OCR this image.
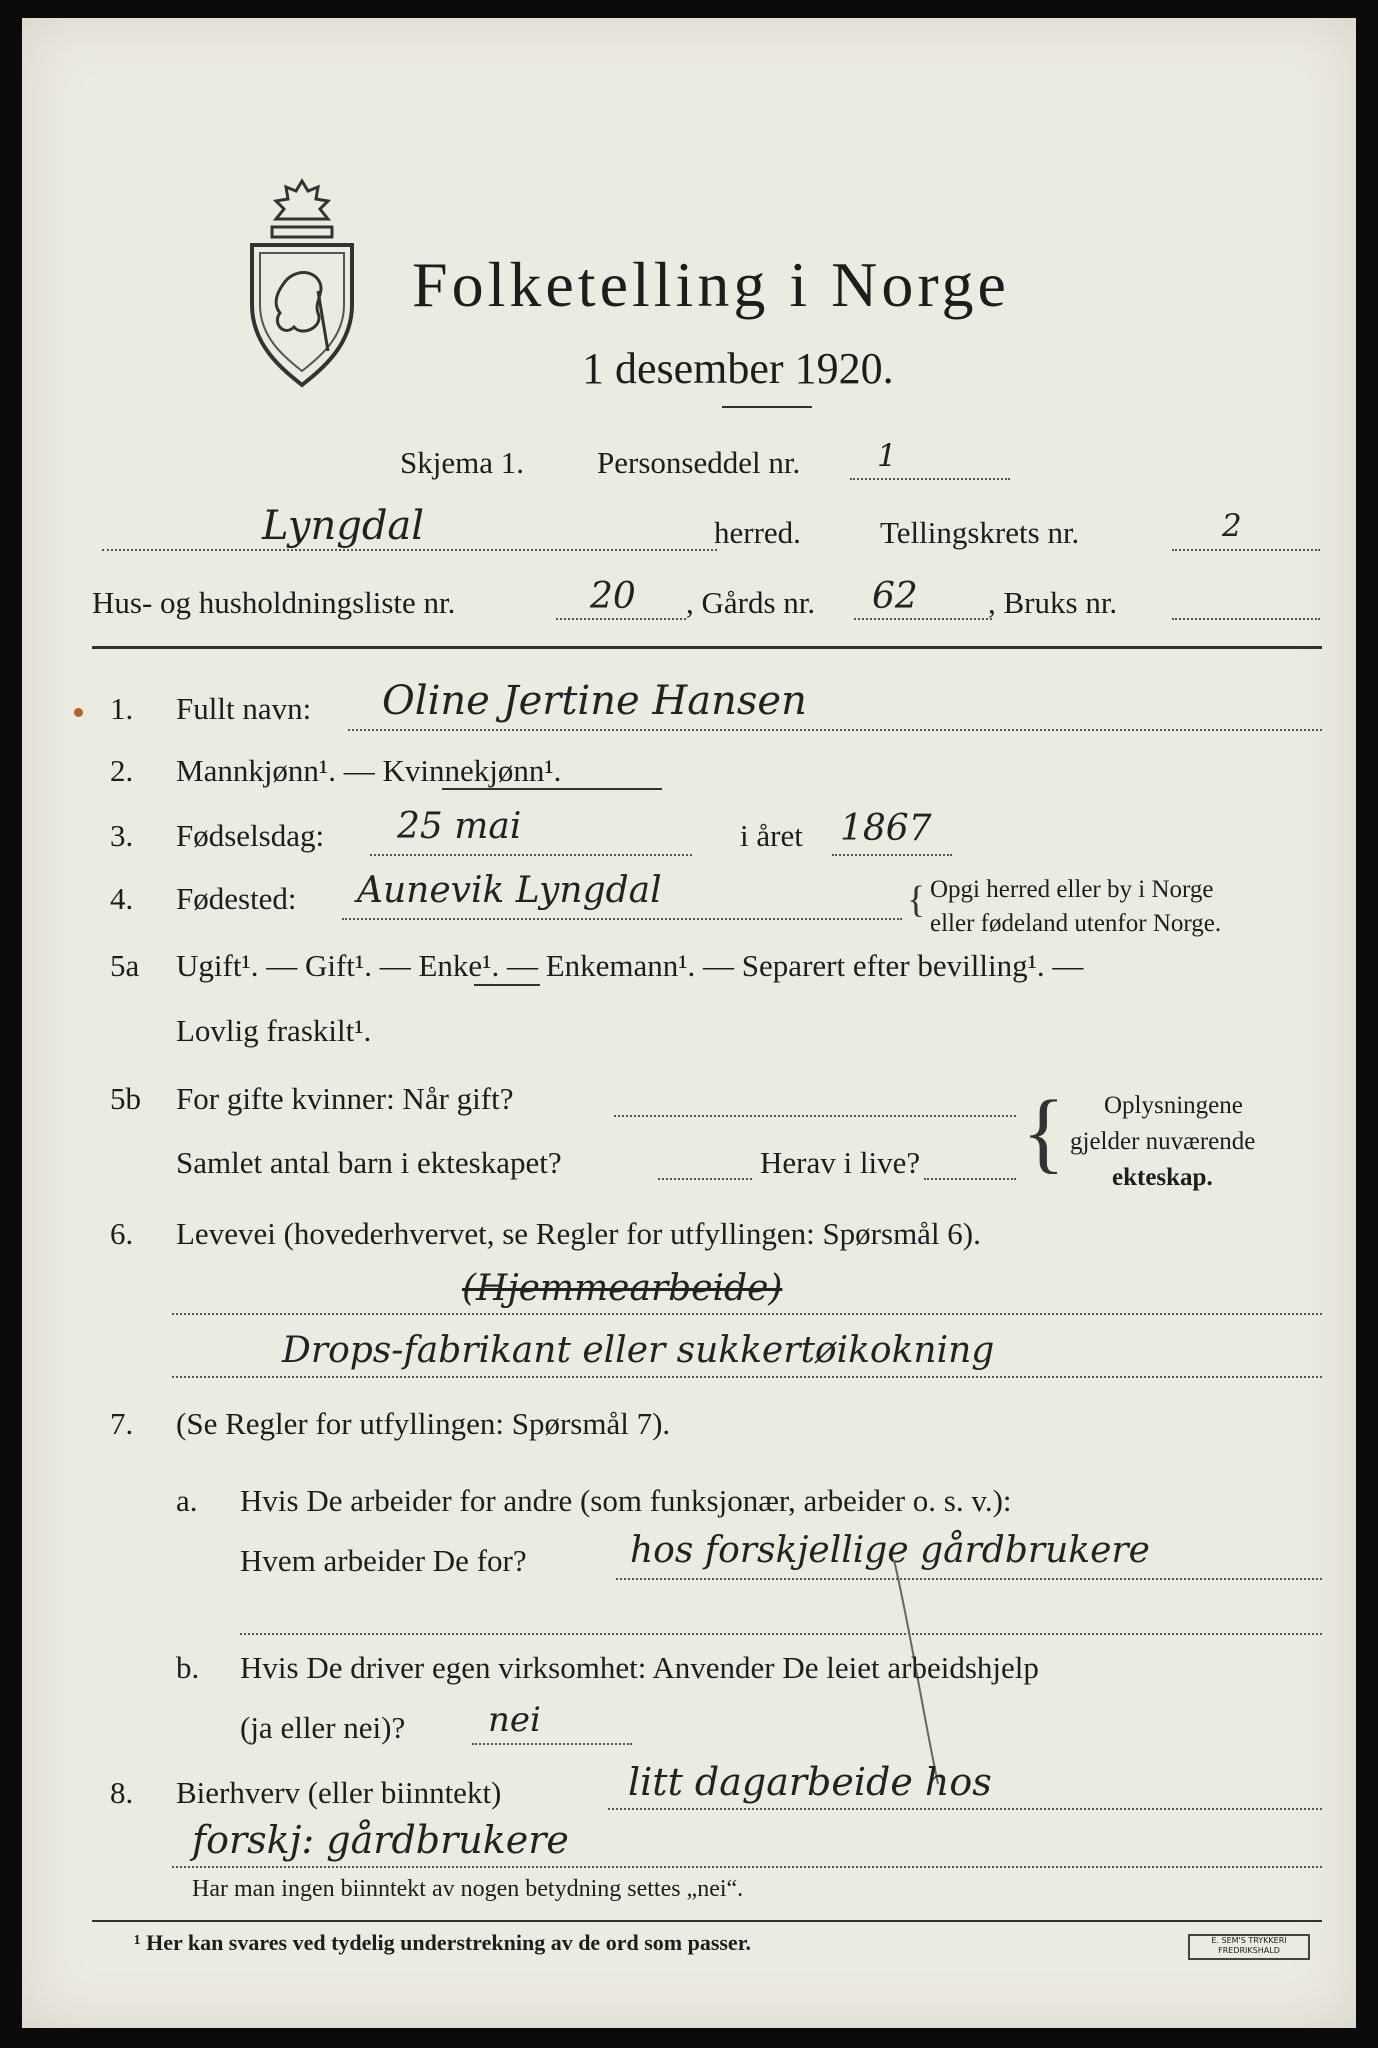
Folketelling i Norge
1 desember 1920.
Skjema 1. Personseddel nr. 1
Lyngdal	herred.	Tellingskrets nr.	2
Hus- og husholdningsliste nr.	20 , Gårds nr. 62 , Bruks nr.
1. Fullt navn: Oline Jertine Hansen
2. Mannkjønn¹. — Kvinnekjønn¹.
3. Fødselsdag: 25 mai	i året 1867
4. Fødested: Aunevik Lyngdal	{ Opgi herred eller by i Norge
eller fødeland utenfor Norge.
5a Ugift¹. — Gift¹. — Enke¹. — Enkemann¹. — Separert efter bevilling¹. —
Lovlig fraskilt¹.
5b For gifte kvinner: Når gift?
Samlet antal barn i ekteskapet?	Herav i live? { Oplysningene
gjelder nuværende
ekteskap.
6. Levevei (hovederhvervet, se Regler for utfyllingen: Spørsmål 6).
(Hjemmearbeide)
Drops-fabrikant eller sukkertøikokning
7. (Se Regler for utfyllingen: Spørsmål 7).
a. Hvis De arbeider for andre (som funksjonær, arbeider o. s. v.):
Hvem arbeider De for?	hos forskjellige gårdbrukere
b. Hvis De driver egen virksomhet: Anvender De leiet arbeidshjelp
(ja eller nei)? nei
8. Bierhverv (eller biinntekt)	litt dagarbeide hos
forskj: gårdbrukere
Har man ingen biinntekt av nogen betydning settes „nei“.
¹ Her kan svares ved tydelig understrekning av de ord som passer.	E. SEM'S TRYKKERI FREDRIKSHALD
